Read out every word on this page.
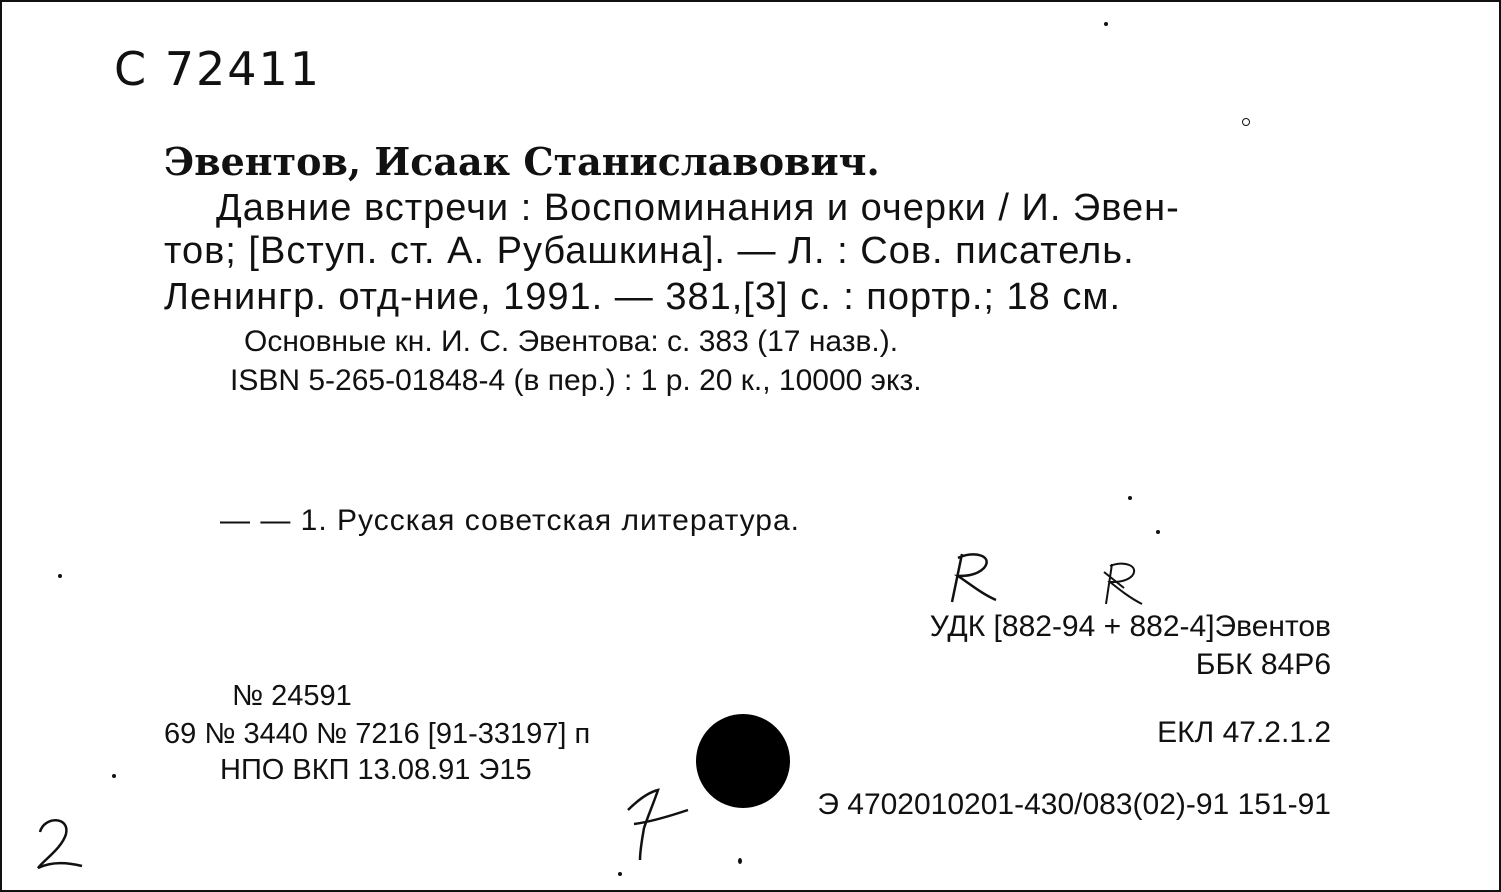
С 72411
Эвентов, Исаак Станиславович.
Давние встречи : Воспоминания и очерки / И. Эвен-
тов; [Вступ. ст. А. Рубашкина]. — Л. : Сов. писатель.
Ленингр. отд-ние, 1991. — 381,[3] с. : портр.; 18 см.
Основные кн. И. С. Эвентова: с. 383 (17 назв.).
ISBN 5-265-01848-4 (в пер.) : 1 р. 20 к., 10000 экз.
— — 1. Русская советская литература.
УДК [882-94 + 882-4]Эвентов
ББК 84Р6
ЕКЛ 47.2.1.2
Э 4702010201-430/083(02)-91 151-91
№ 24591
69 № 3440 № 7216 [91-33197] п
НПО ВКП 13.08.91 Э15
